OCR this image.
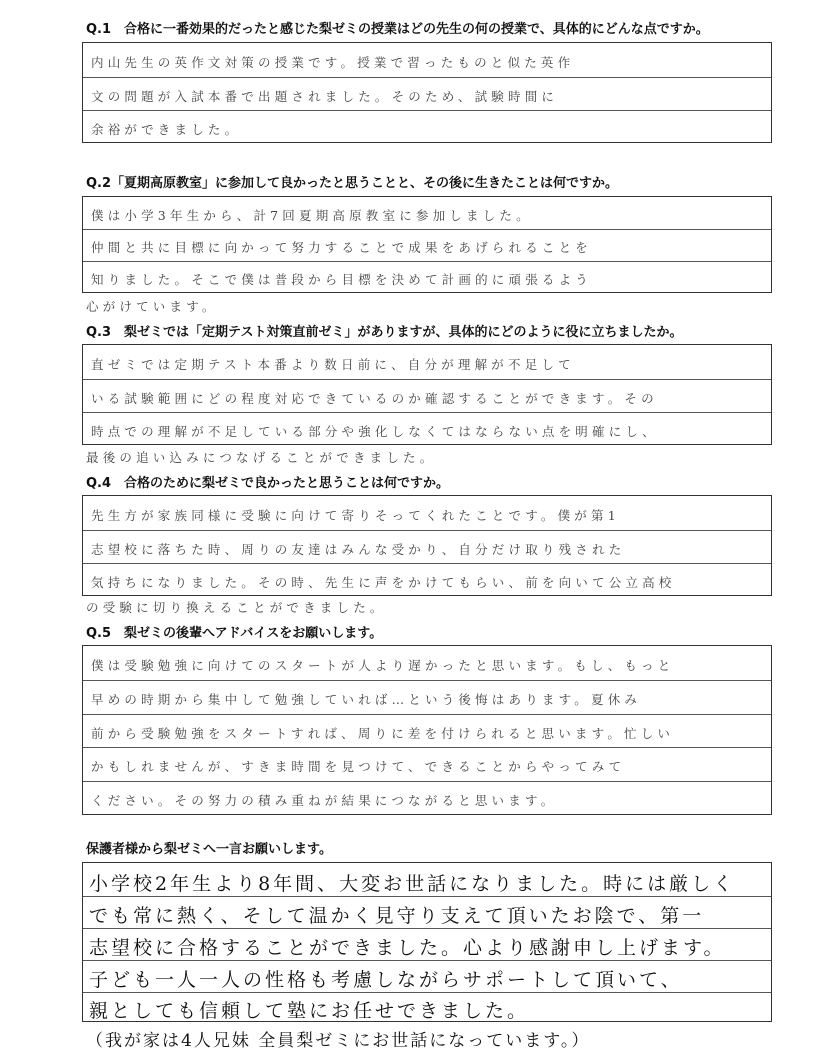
Q.1　合格に一番効果的だったと感じた梨ゼミの授業はどの先生の何の授業で、具体的にどんな点ですか。
内山先生の英作文対策の授業です。授業で習ったものと似た英作
文の問題が入試本番で出題されました。そのため、試験時間に
余裕ができました。
Q.2「夏期高原教室」に参加して良かったと思うことと、その後に生きたことは何ですか。
僕は小学3年生から、計7回夏期高原教室に参加しました。
仲間と共に目標に向かって努力することで成果をあげられることを
知りました。そこで僕は普段から目標を決めて計画的に頑張るよう
心がけています。
Q.3　梨ゼミでは「定期テスト対策直前ゼミ」がありますが、具体的にどのように役に立ちましたか。
直ゼミでは定期テスト本番より数日前に、自分が理解が不足して
いる試験範囲にどの程度対応できているのか確認することができます。その
時点での理解が不足している部分や強化しなくてはならない点を明確にし、
最後の追い込みにつなげることができました。
Q.4　合格のために梨ゼミで良かったと思うことは何ですか。
先生方が家族同様に受験に向けて寄りそってくれたことです。僕が第1
志望校に落ちた時、周りの友達はみんな受かり、自分だけ取り残された
気持ちになりました。その時、先生に声をかけてもらい、前を向いて公立高校
の受験に切り換えることができました。
Q.5　梨ゼミの後輩へアドバイスをお願いします。
僕は受験勉強に向けてのスタートが人より遅かったと思います。もし、もっと
早めの時期から集中して勉強していれば…という後悔はあります。夏休み
前から受験勉強をスタートすれば、周りに差を付けられると思います。忙しい
かもしれませんが、すきま時間を見つけて、できることからやってみて
ください。その努力の積み重ねが結果につながると思います。
保護者様から梨ゼミへ一言お願いします。
小学校2年生より8年間、大変お世話になりました。時には厳しく
でも常に熱く、そして温かく見守り支えて頂いたお陰で、第一
志望校に合格することができました。心より感謝申し上げます。
子ども一人一人の性格も考慮しながらサポートして頂いて、
親としても信頼して塾にお任せできました。
（我が家は4人兄妹 全員梨ゼミにお世話になっています。）
